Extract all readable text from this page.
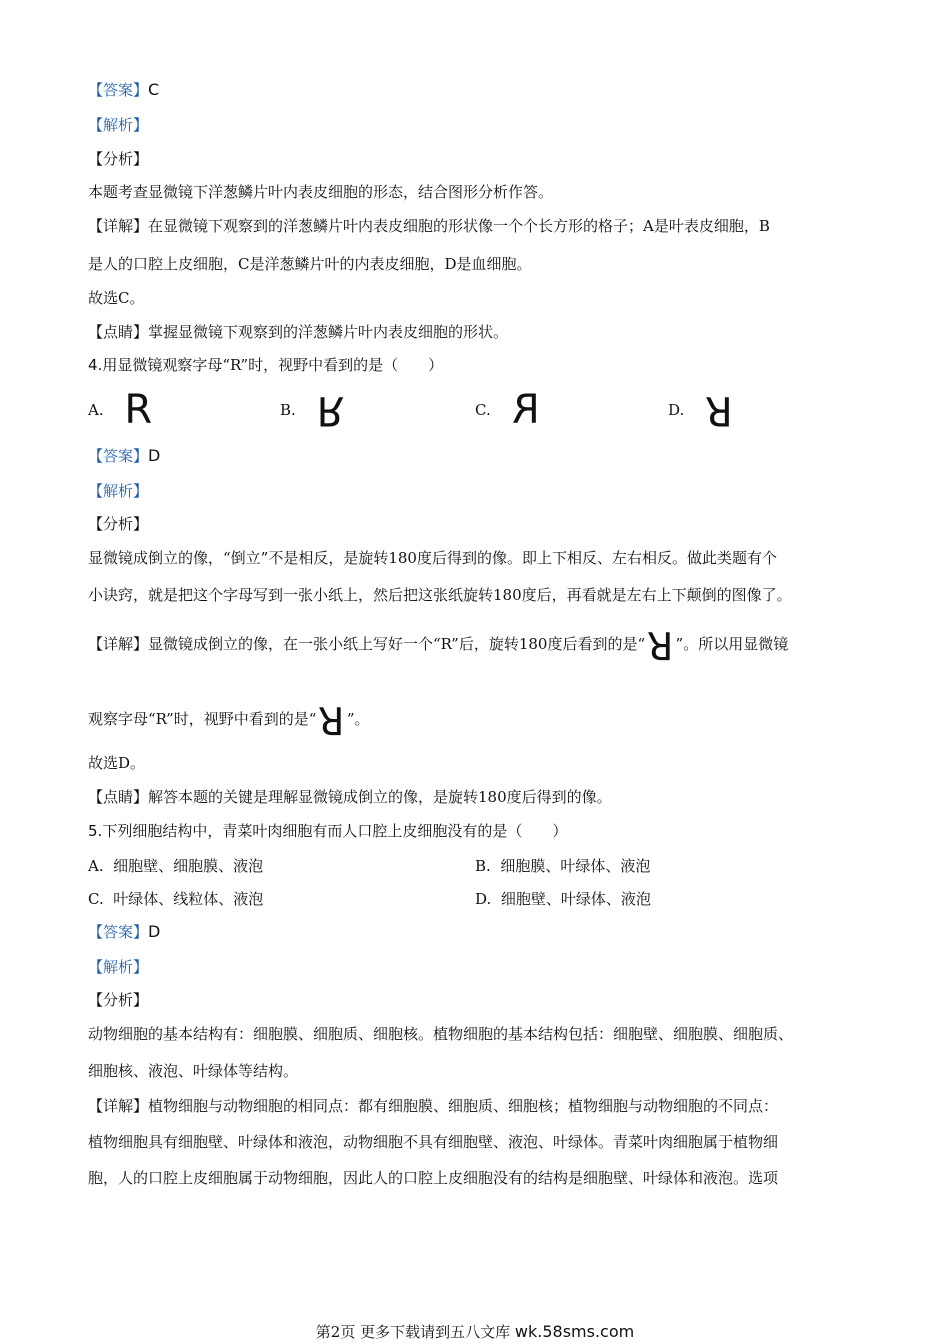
【答案】C
【解析】
【分析】
本题考查显微镜下洋葱鳞片叶内表皮细胞的形态，结合图形分析作答。
【详解】在显微镜下观察到的洋葱鳞片叶内表皮细胞的形状像一个个长方形的格子；A是叶表皮细胞，B
是人的口腔上皮细胞，C是洋葱鳞片叶的内表皮细胞，D是血细胞。
故选C。
【点睛】掌握显微镜下观察到的洋葱鳞片叶内表皮细胞的形状。
4.用显微镜观察字母“R”时，视野中看到的是（　　）
A. R	B. R	C. R	D. R
【答案】D
【解析】
【分析】
显微镜成倒立的像，“倒立”不是相反，是旋转180度后得到的像。即上下相反、左右相反。做此类题有个
小诀窍，就是把这个字母写到一张小纸上，然后把这张纸旋转180度后，再看就是左右上下颠倒的图像了。
【详解】显微镜成倒立的像，在一张小纸上写好一个“R”后，旋转180度后看到的是“R ”。所以用显微镜
观察字母“R”时，视野中看到的是“R ”。
故选D。
【点睛】解答本题的关键是理解显微镜成倒立的像，是旋转180度后得到的像。
5.下列细胞结构中，青菜叶肉细胞有而人口腔上皮细胞没有的是（　　）
A. 细胞壁、细胞膜、液泡	B. 细胞膜、叶绿体、液泡
C. 叶绿体、线粒体、液泡	D. 细胞壁、叶绿体、液泡
【答案】D
【解析】
【分析】
动物细胞的基本结构有：细胞膜、细胞质、细胞核。植物细胞的基本结构包括：细胞壁、细胞膜、细胞质、
细胞核、液泡、叶绿体等结构。
【详解】植物细胞与动物细胞的相同点：都有细胞膜、细胞质、细胞核；植物细胞与动物细胞的不同点：
植物细胞具有细胞壁、叶绿体和液泡，动物细胞不具有细胞壁、液泡、叶绿体。青菜叶肉细胞属于植物细
胞，人的口腔上皮细胞属于动物细胞，因此人的口腔上皮细胞没有的结构是细胞壁、叶绿体和液泡。选项
第2页 更多下载请到五八文库 wk.58sms.com
